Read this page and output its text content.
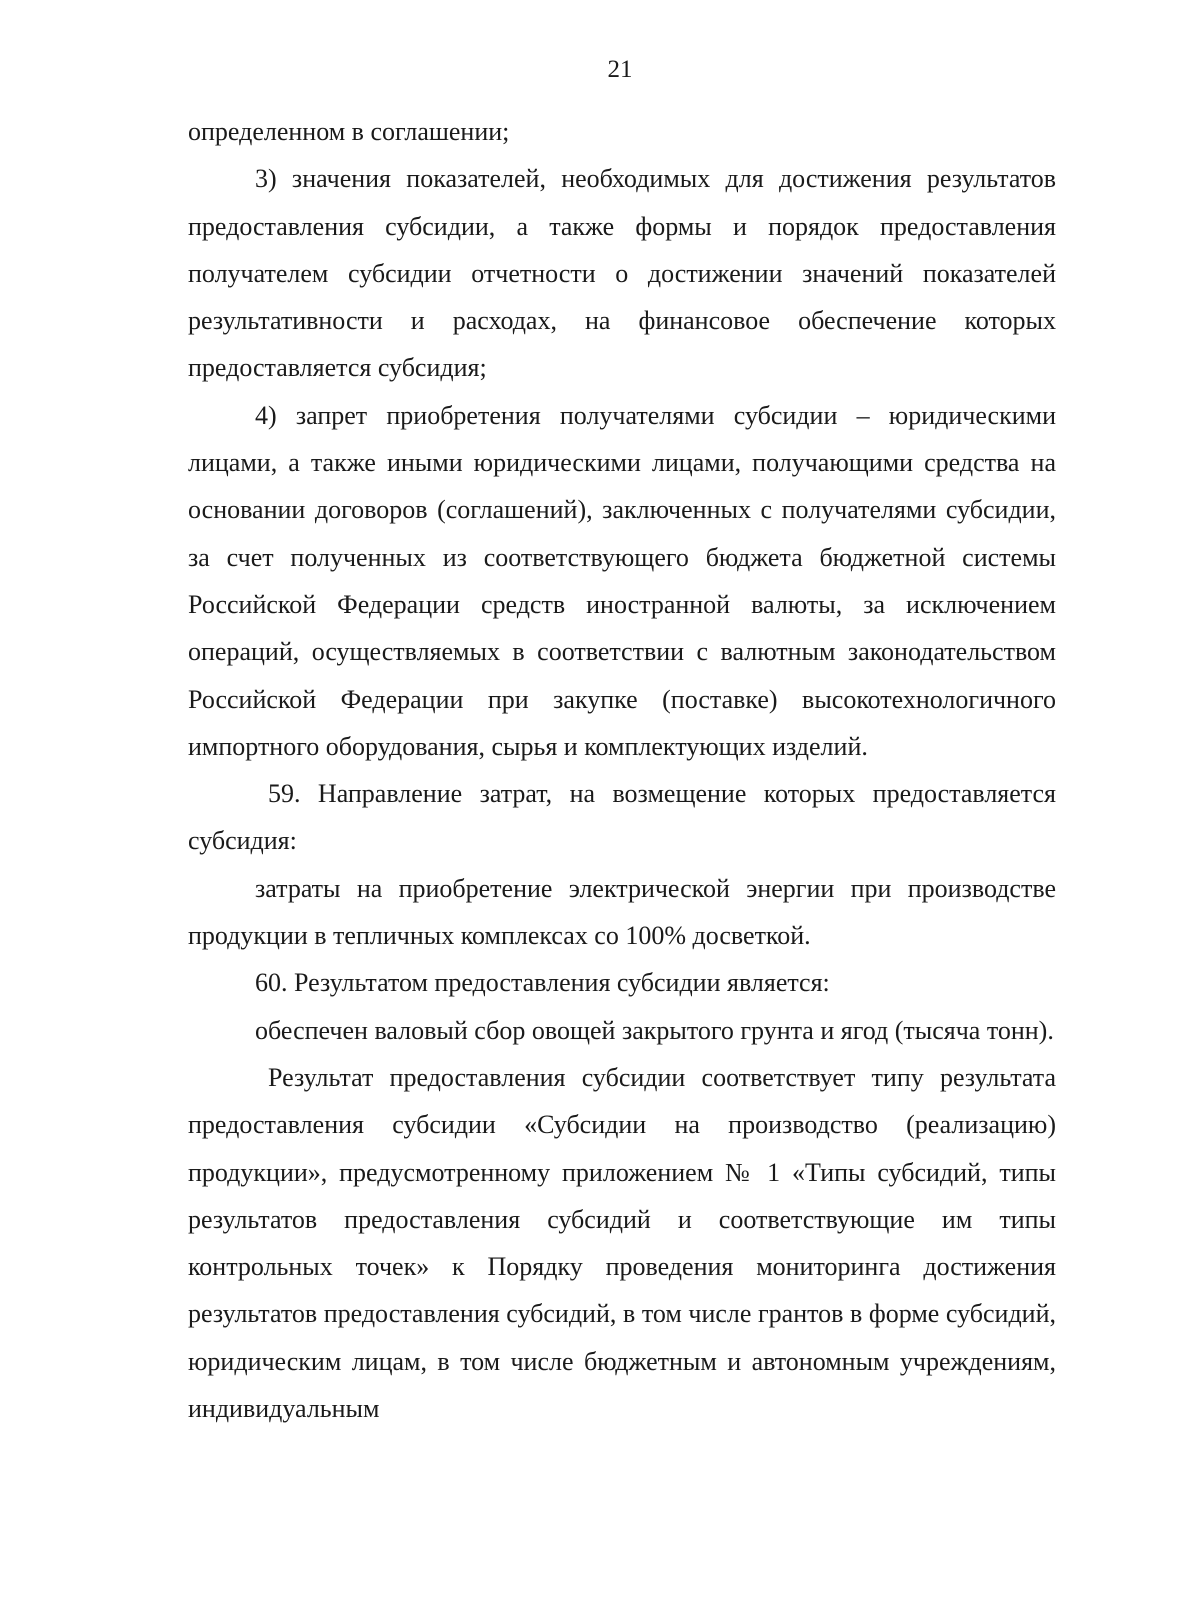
21

определенном в соглашении;

3) значения показателей, необходимых для достижения результатов предоставления субсидии, а также формы и порядок предоставления получателем субсидии отчетности о достижении значений показателей результативности и расходах, на финансовое обеспечение которых предоставляется субсидия;

4) запрет приобретения получателями субсидии – юридическими лицами, а также иными юридическими лицами, получающими средства на основании договоров (соглашений), заключенных с получателями субсидии, за счет полученных из соответствующего бюджета бюджетной системы Российской Федерации средств иностранной валюты, за исключением операций, осуществляемых в соответствии с валютным законодательством Российской Федерации при закупке (поставке) высокотехнологичного импортного оборудования, сырья и комплектующих изделий.

59. Направление затрат, на возмещение которых предоставляется субсидия:

затраты на приобретение электрической энергии при производстве продукции в тепличных комплексах со 100% досветкой.

60. Результатом предоставления субсидии является:

обеспечен валовый сбор овощей закрытого грунта и ягод (тысяча тонн).

Результат предоставления субсидии соответствует типу результата предоставления субсидии «Субсидии на производство (реализацию) продукции», предусмотренному приложением № 1 «Типы субсидий, типы результатов предоставления субсидий и соответствующие им типы контрольных точек» к Порядку проведения мониторинга достижения результатов предоставления субсидий, в том числе грантов в форме субсидий, юридическим лицам, в том числе бюджетным и автономным учреждениям, индивидуальным
